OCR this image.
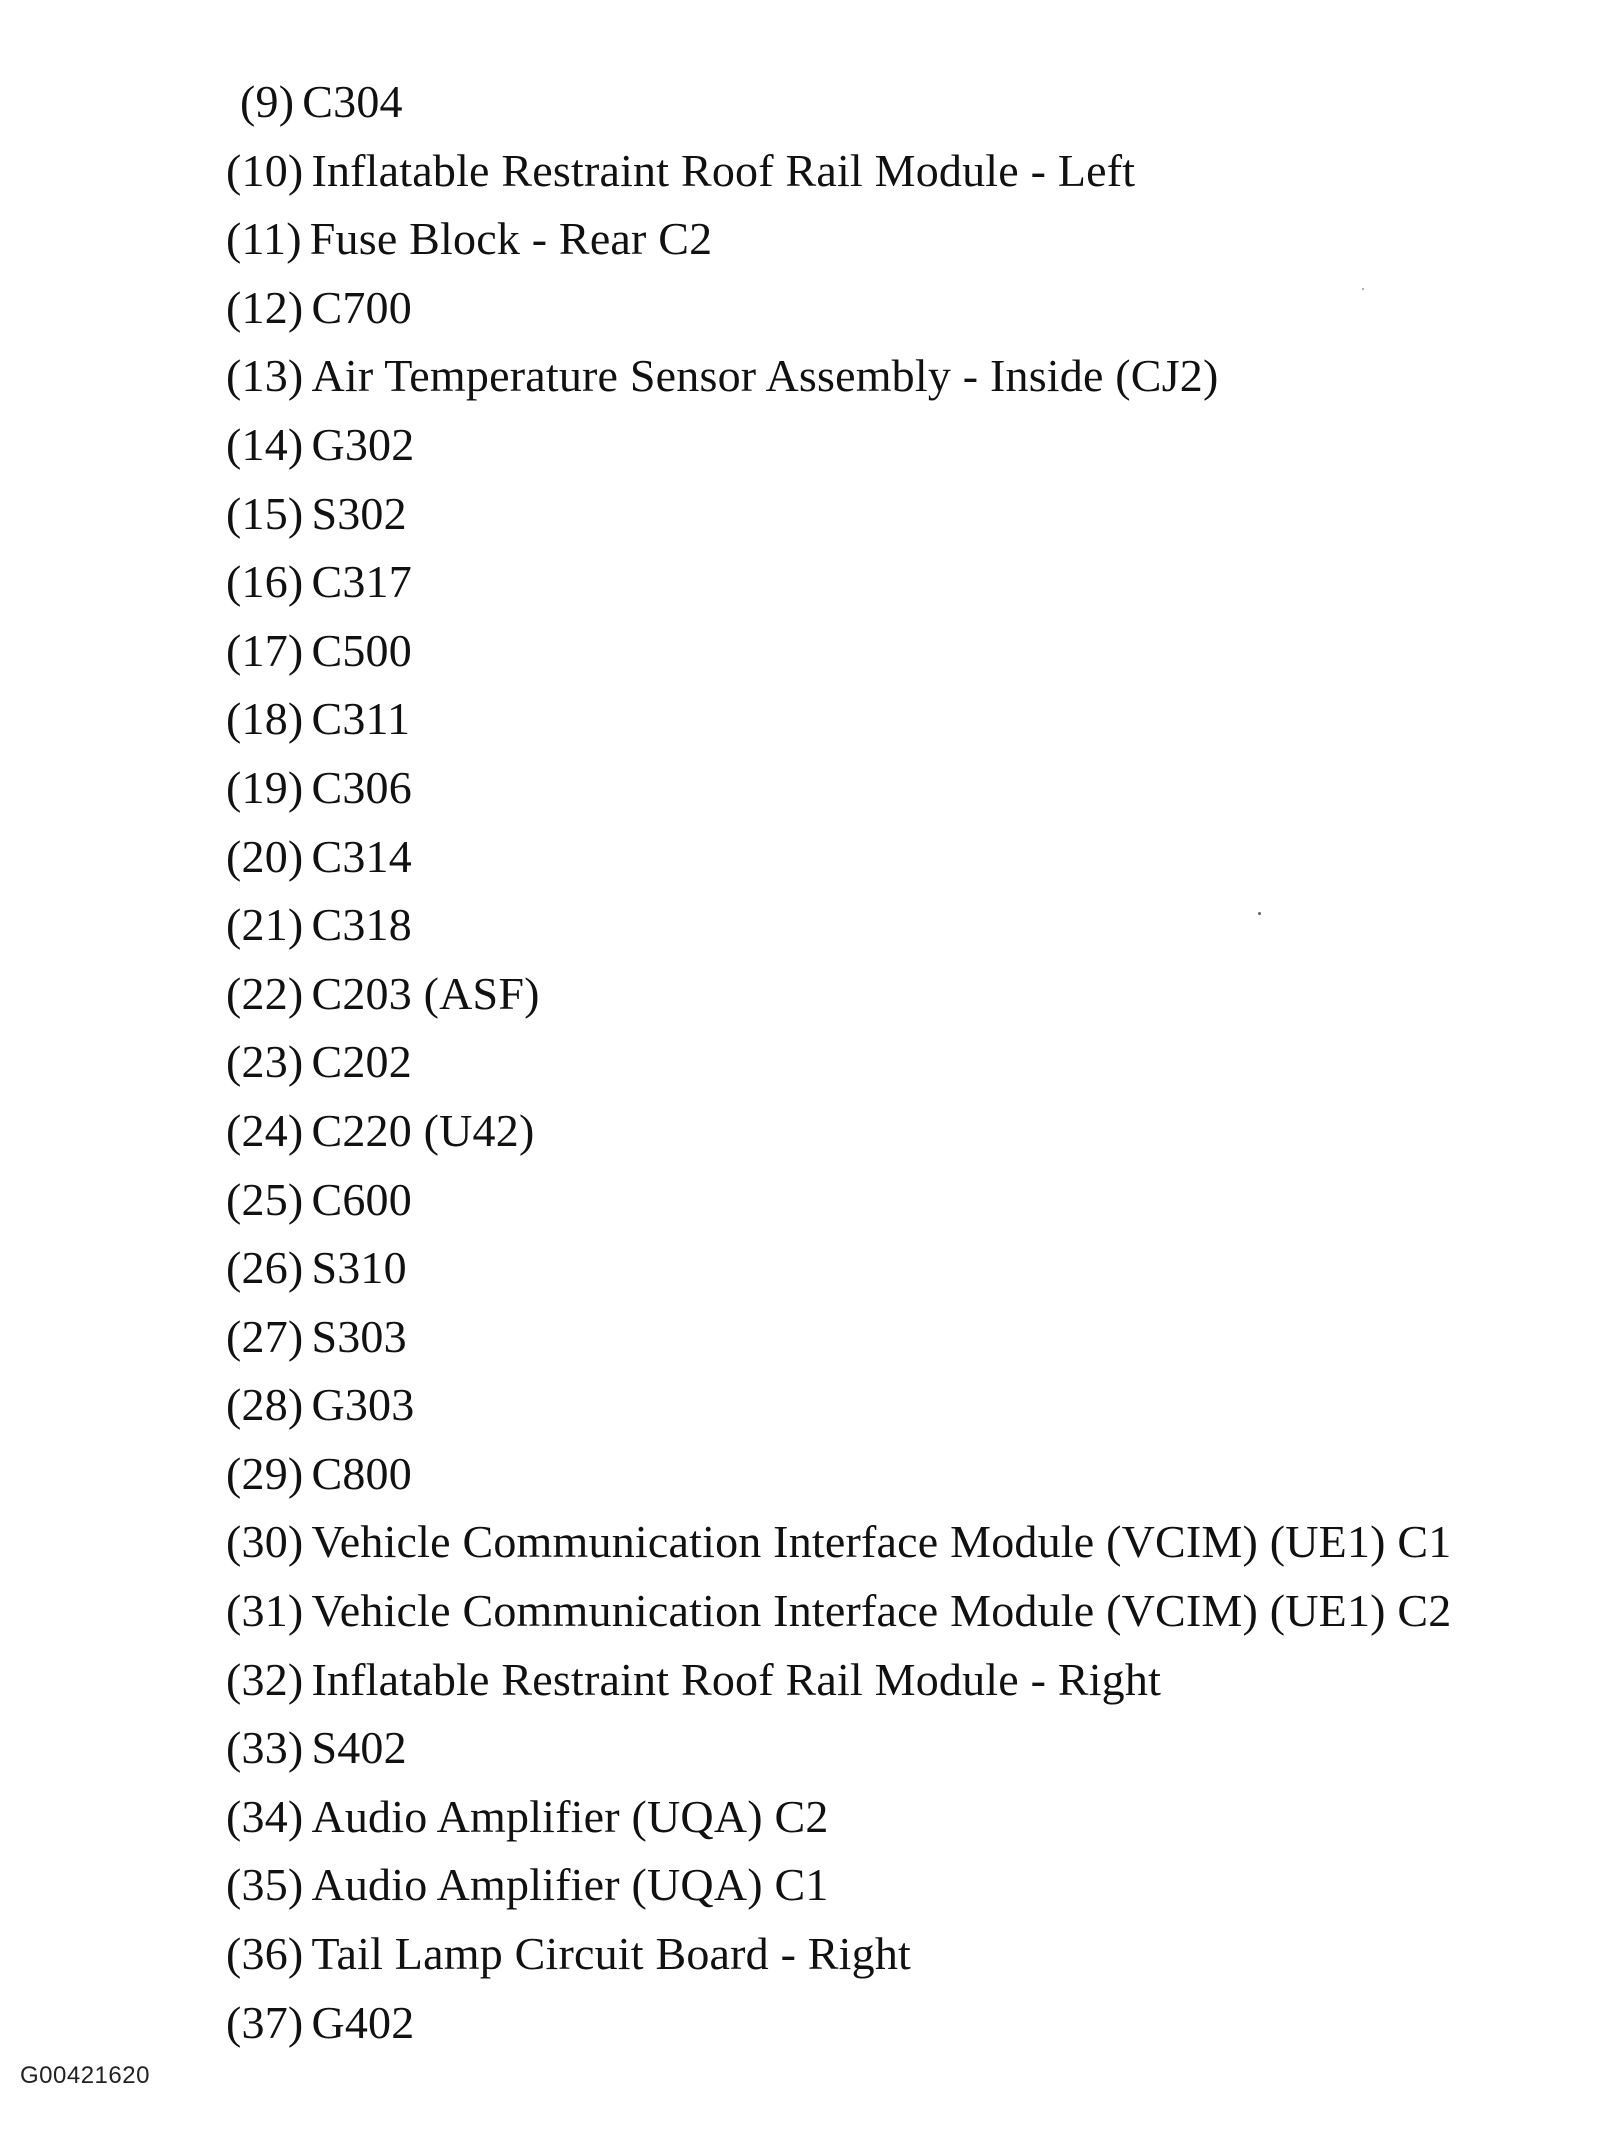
(9) C304
(10) Inflatable Restraint Roof Rail Module - Left
(11) Fuse Block - Rear C2
(12) C700
(13) Air Temperature Sensor Assembly - Inside (CJ2)
(14) G302
(15) S302
(16) C317
(17) C500
(18) C311
(19) C306
(20) C314
(21) C318
(22) C203 (ASF)
(23) C202
(24) C220 (U42)
(25) C600
(26) S310
(27) S303
(28) G303
(29) C800
(30) Vehicle Communication Interface Module (VCIM) (UE1) C1
(31) Vehicle Communication Interface Module (VCIM) (UE1) C2
(32) Inflatable Restraint Roof Rail Module - Right
(33) S402
(34) Audio Amplifier (UQA) C2
(35) Audio Amplifier (UQA) C1
(36) Tail Lamp Circuit Board - Right
(37) G402
G00421620
